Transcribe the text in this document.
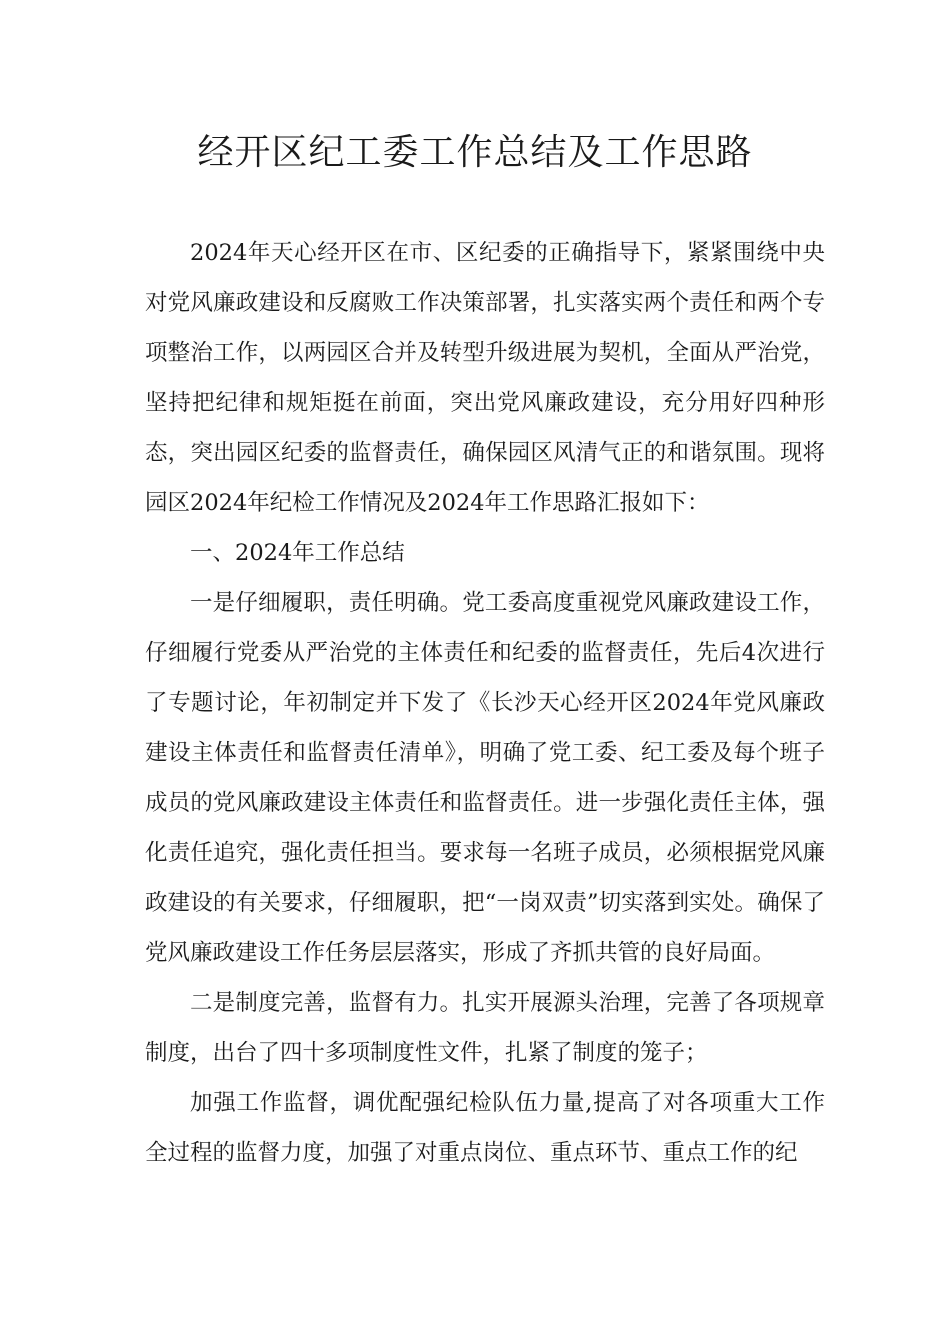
经开区纪工委工作总结及工作思路

2024年天心经开区在市、区纪委的正确指导下，紧紧围绕中央对党风廉政建设和反腐败工作决策部署，扎实落实两个责任和两个专项整治工作，以两园区合并及转型升级进展为契机，全面从严治党，坚持把纪律和规矩挺在前面，突出党风廉政建设，充分用好四种形态，突出园区纪委的监督责任，确保园区风清气正的和谐氛围。现将园区2024年纪检工作情况及2024年工作思路汇报如下：

一、2024年工作总结

一是仔细履职，责任明确。党工委高度重视党风廉政建设工作，仔细履行党委从严治党的主体责任和纪委的监督责任，先后4次进行了专题讨论，年初制定并下发了《长沙天心经开区2024年党风廉政建设主体责任和监督责任清单》，明确了党工委、纪工委及每个班子成员的党风廉政建设主体责任和监督责任。进一步强化责任主体，强化责任追究，强化责任担当。要求每一名班子成员，必须根据党风廉政建设的有关要求，仔细履职，把“一岗双责”切实落到实处。确保了党风廉政建设工作任务层层落实，形成了齐抓共管的良好局面。

二是制度完善，监督有力。扎实开展源头治理，完善了各项规章制度，出台了四十多项制度性文件，扎紧了制度的笼子；

加强工作监督，调优配强纪检队伍力量,提高了对各项重大工作全过程的监督力度，加强了对重点岗位、重点环节、重点工作的纪
